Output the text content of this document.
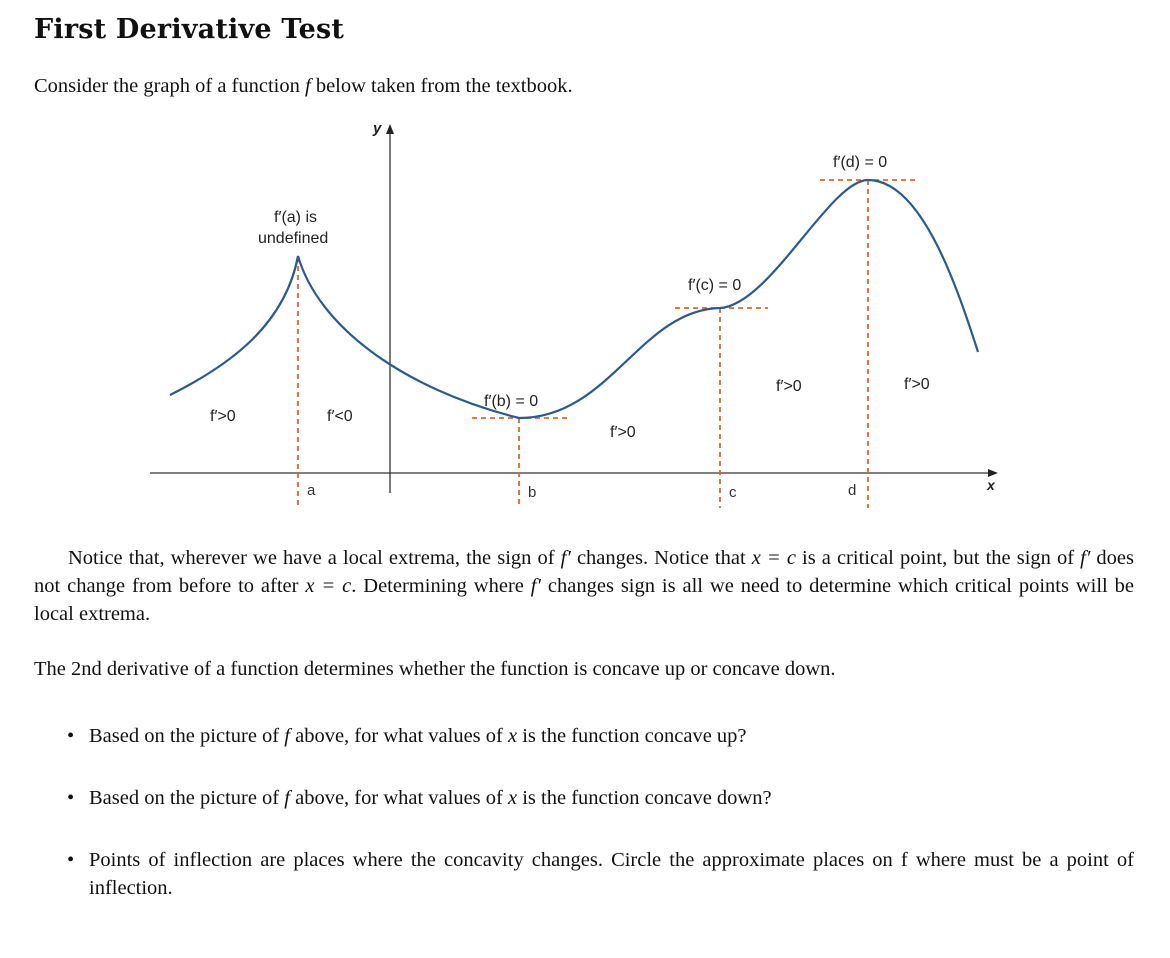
First Derivative Test

Consider the graph of a function f below taken from the textbook.

y
x
a	b	c	d
f′(a) is
undefined
f′(b) = 0
f′(c) = 0
f′(d) = 0
f′>0	f′<0
f′>0
f′>0	f′>0

Notice that, wherever we have a local extrema, the sign of f′ changes. Notice that x = c is a critical point, but the sign of f′ does not change from before to after x = c. Determining where f′ changes sign is all we need to determine which critical points will be local extrema.

The 2nd derivative of a function determines whether the function is concave up or concave down.

• Based on the picture of f above, for what values of x is the function concave up?
• Based on the picture of f above, for what values of x is the function concave down?
• Points of inflection are places where the concavity changes. Circle the approximate places on f where must be a point of inflection.
